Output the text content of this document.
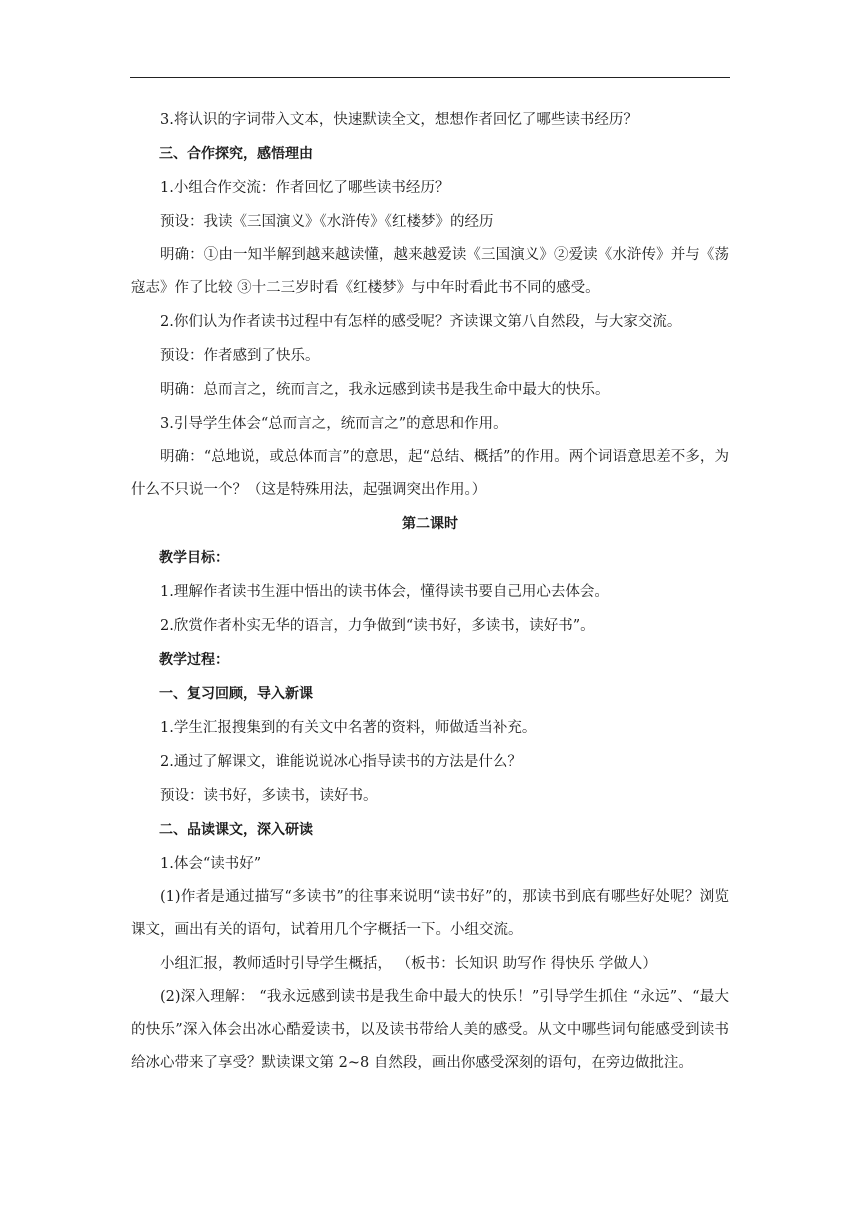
3.将认识的字词带入文本，快速默读全文，想想作者回忆了哪些读书经历？

三、合作探究，感悟理由

1.小组合作交流：作者回忆了哪些读书经历？

预设：我读《三国演义》《水浒传》《红楼梦》的经历

明确：①由一知半解到越来越读懂，越来越爱读《三国演义》②爱读《水浒传》并与《荡寇志》作了比较 ③十二三岁时看《红楼梦》与中年时看此书不同的感受。

2.你们认为作者读书过程中有怎样的感受呢？齐读课文第八自然段，与大家交流。

预设：作者感到了快乐。

明确：总而言之，统而言之，我永远感到读书是我生命中最大的快乐。

3.引导学生体会“总而言之，统而言之”的意思和作用。

明确：“总地说，或总体而言”的意思，起“总结、概括”的作用。两个词语意思差不多，为什么不只说一个？（这是特殊用法，起强调突出作用。）

第二课时

教学目标：

1.理解作者读书生涯中悟出的读书体会，懂得读书要自己用心去体会。

2.欣赏作者朴实无华的语言，力争做到“读书好，多读书，读好书”。

教学过程：

一、复习回顾，导入新课

1.学生汇报搜集到的有关文中名著的资料，师做适当补充。

2.通过了解课文，谁能说说冰心指导读书的方法是什么？

预设：读书好，多读书，读好书。

二、品读课文，深入研读

1.体会“读书好”

(1)作者是通过描写“多读书”的往事来说明“读书好”的，那读书到底有哪些好处呢？浏览课文，画出有关的语句，试着用几个字概括一下。小组交流。

小组汇报，教师适时引导学生概括， （板书：长知识 助写作 得快乐 学做人）

(2)深入理解： “我永远感到读书是我生命中最大的快乐！”引导学生抓住 “永远”、“最大的快乐”深入体会出冰心酷爱读书，以及读书带给人美的感受。从文中哪些词句能感受到读书给冰心带来了享受？默读课文第 2~8 自然段，画出你感受深刻的语句，在旁边做批注。
